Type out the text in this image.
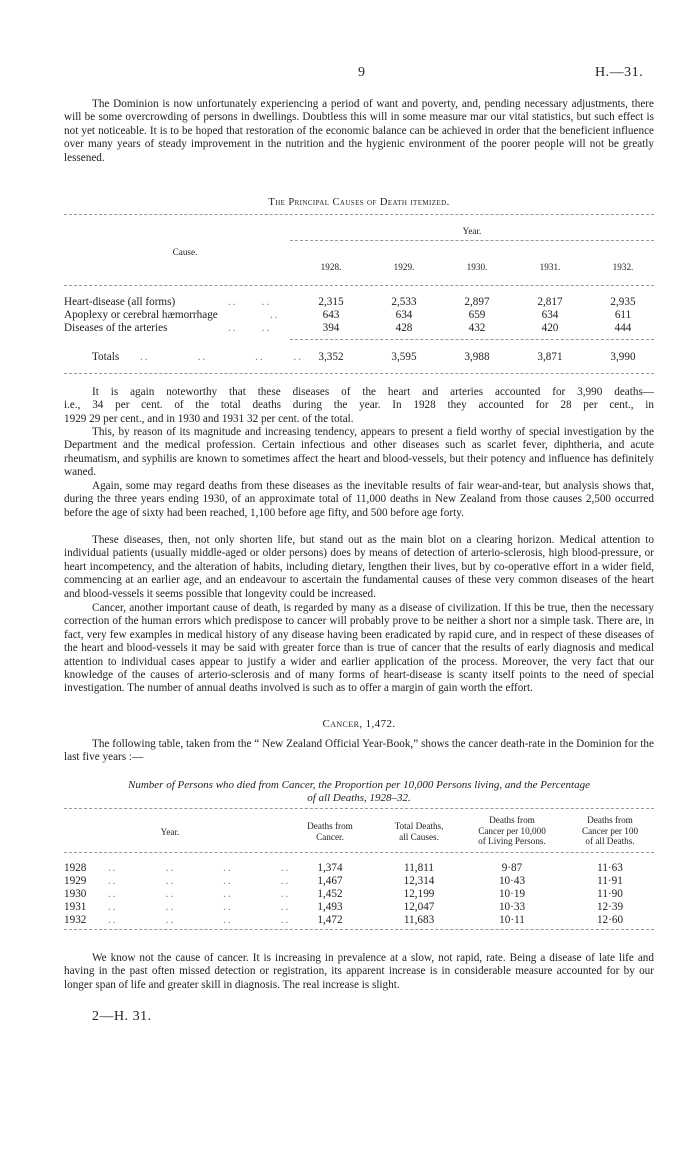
9	H.—31.
The Dominion is now unfortunately experiencing a period of want and poverty, and, pending necessary adjustments, there will be some overcrowding of persons in dwellings. Doubtless this will in some measure mar our vital statistics, but such effect is not yet noticeable. It is to be hoped that restoration of the economic balance can be achieved in order that the beneficient influence over many years of steady improvement in the nutrition and the hygienic environment of the poorer people will not be greatly lessened.
The Principal Causes of Death itemized.
Cause.
Year.
1928.	1929.	1930.	1931.	1932.
Heart-disease (all forms)	..     ..	2,315	2,533	2,897	2,817	2,935
Apoplexy or cerebral hæmorrhage	..	643	634	659	634	611
Diseases of the arteries	..     ..	394	428	432	420	444
Totals ..          ..          ..      ..	3,352	3,595	3,988	3,871	3,990
It is again noteworthy that these diseases of the heart and arteries accounted for 3,990 deaths—
i.e., 34 per cent. of the total deaths during the year. In 1928 they accounted for 28 per cent., in
1929 29 per cent., and in 1930 and 1931 32 per cent. of the total.
This, by reason of its magnitude and increasing tendency, appears to present a field worthy of special investigation by the Department and the medical profession. Certain infectious and other diseases such as scarlet fever, diphtheria, and acute rheumatism, and syphilis are known to sometimes affect the heart and blood-vessels, but their potency and influence has definitely waned.
Again, some may regard deaths from these diseases as the inevitable results of fair wear-and-tear, but analysis shows that, during the three years ending 1930, of an approximate total of 11,000 deaths in New Zealand from those causes 2,500 occurred before the age of sixty had been reached, 1,100 before age fifty, and 500 before age forty.
These diseases, then, not only shorten life, but stand out as the main blot on a clearing horizon. Medical attention to individual patients (usually middle-aged or older persons) does by means of detection of arterio-sclerosis, high blood-pressure, or heart incompetency, and the alteration of habits, including dietary, lengthen their lives, but by co-operative effort in a wider field, commencing at an earlier age, and an endeavour to ascertain the fundamental causes of these very common diseases of the heart and blood-vessels it seems possible that longevity could be increased.
Cancer, another important cause of death, is regarded by many as a disease of civilization. If this be true, then the necessary correction of the human errors which predispose to cancer will probably prove to be neither a short nor a simple task. There are, in fact, very few examples in medical history of any disease having been eradicated by rapid cure, and in respect of these diseases of the heart and blood-vessels it may be said with greater force than is true of cancer that the results of early diagnosis and medical attention to individual cases appear to justify a wider and earlier application of the process. Moreover, the very fact that our knowledge of the causes of arterio-sclerosis and of many forms of heart-disease is scanty itself points to the need of special investigation. The number of annual deaths involved is such as to offer a margin of gain worth the effort.
Cancer, 1,472.
The following table, taken from the “ New Zealand Official Year-Book,” shows the cancer death-rate in the Dominion for the last five years :—
Number of Persons who died from Cancer, the Proportion per 10,000 Persons living, and the Percentage
of all Deaths, 1928–32.
Year.
Deaths from
Cancer.
Total Deaths,
all Causes.
Deaths from
Cancer per 10,000
of Living Persons.
Deaths from
Cancer per 100
of all Deaths.
1928 ..          ..          ..          ..	1,374	11,811	9·87	11·63
1929 ..          ..          ..          ..	1,467	12,314	10·43	11·91
1930 ..          ..          ..          ..	1,452	12,199	10·19	11·90
1931 ..          ..          ..          ..	1,493	12,047	10·33	12·39
1932 ..          ..          ..          ..	1,472	11,683	10·11	12·60
We know not the cause of cancer. It is increasing in prevalence at a slow, not rapid, rate. Being a disease of late life and having in the past often missed detection or registration, its apparent increase is in considerable measure accounted for by our longer span of life and greater skill in diagnosis. The real increase is slight.
2—H. 31.
